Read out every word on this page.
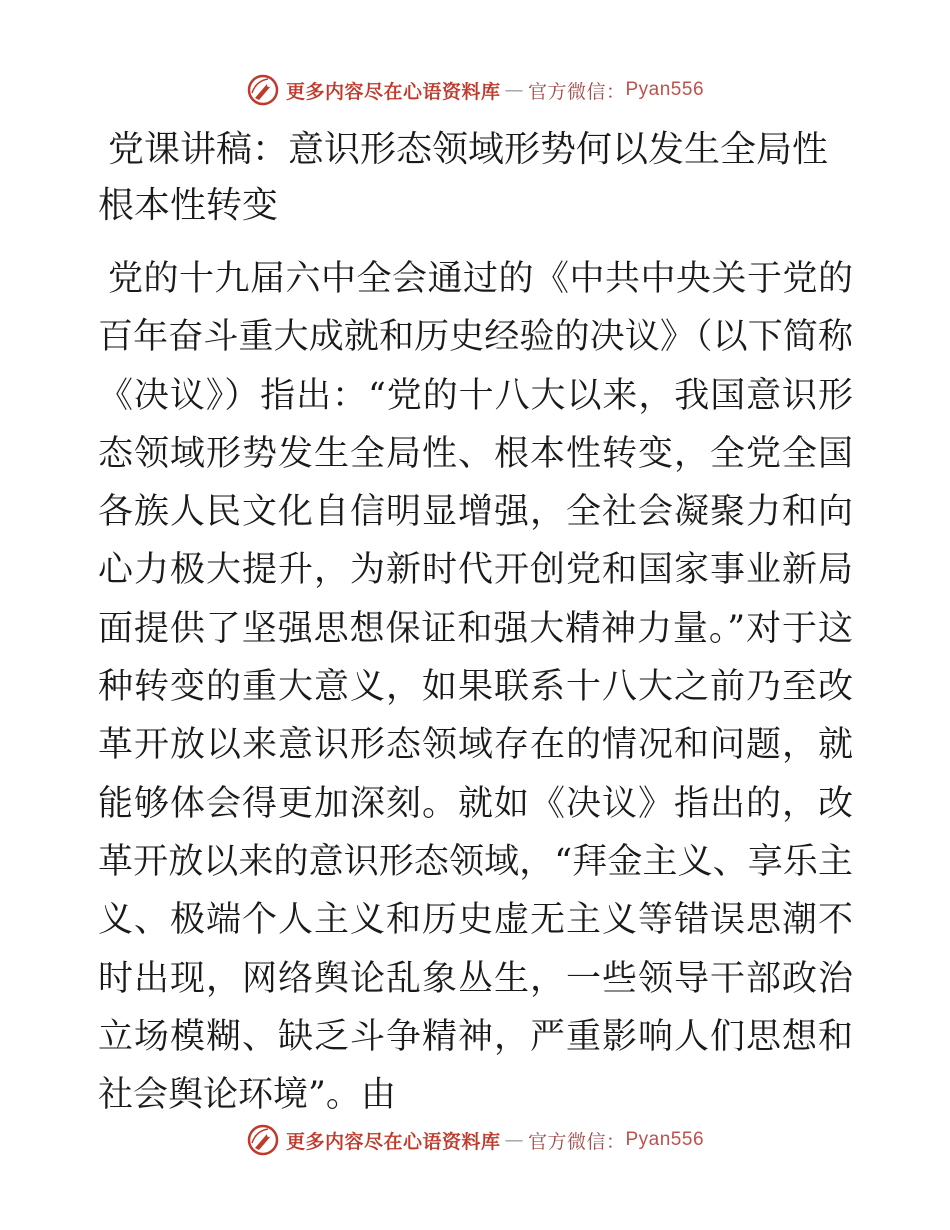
更多内容尽在心语资料库 — 官方微信： Pyan556
党课讲稿：意识形态领域形势何以发生全局性根本性转变

党的十九届六中全会通过的《中共中央关于党的百年奋斗重大成就和历史经验的决议》（以下简称《决议》）指出：“党的十八大以来，我国意识形态领域形势发生全局性、根本性转变，全党全国各族人民文化自信明显增强，全社会凝聚力和向心力极大提升，为新时代开创党和国家事业新局面提供了坚强思想保证和强大精神力量。”对于这种转变的重大意义，如果联系十八大之前乃至改革开放以来意识形态领域存在的情况和问题，就能够体会得更加深刻。就如《决议》指出的，改革开放以来的意识形态领域，“拜金主义、享乐主义、极端个人主义和历史虚无主义等错误思潮不时出现，网络舆论乱象丛生，一些领导干部政治立场模糊、缺乏斗争精神，严重影响人们思想和社会舆论环境”。由

更多内容尽在心语资料库 — 官方微信： Pyan556
